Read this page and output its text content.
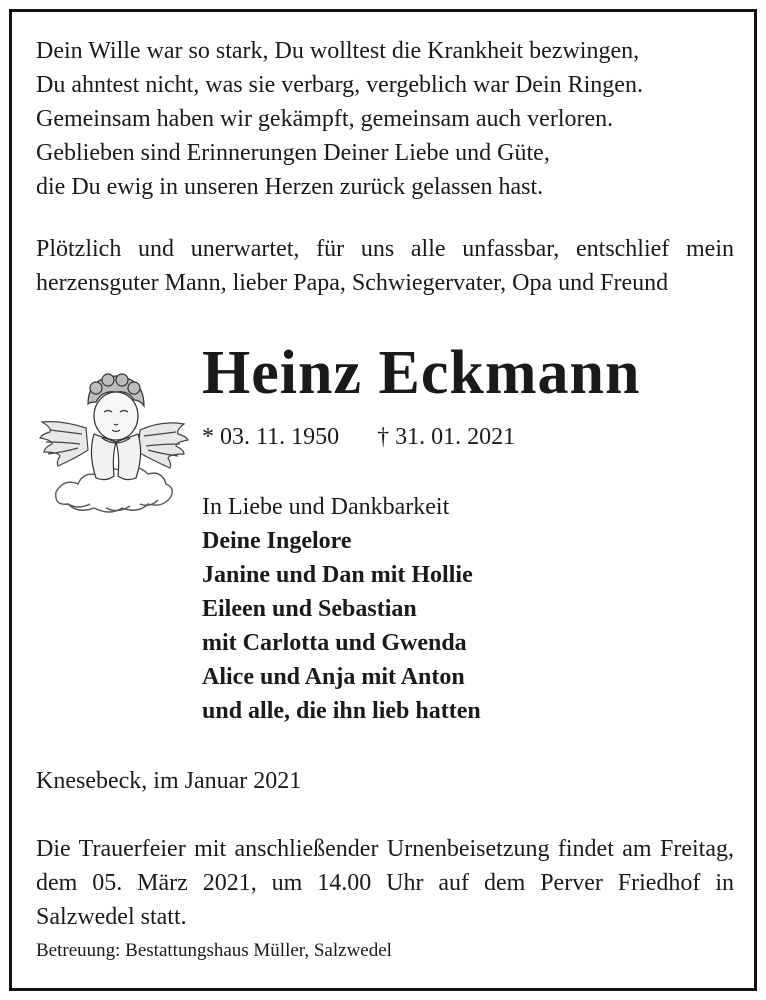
Dein Wille war so stark, Du wolltest die Krankheit bezwingen,
Du ahntest nicht, was sie verbarg, vergeblich war Dein Ringen.
Gemeinsam haben wir gekämpft, gemeinsam auch verloren.
Geblieben sind Erinnerungen Deiner Liebe und Güte,
die Du ewig in unseren Herzen zurück gelassen hast.
Plötzlich und unerwartet, für uns alle unfassbar, entschlief mein herzensguter Mann, lieber Papa, Schwiegervater, Opa und Freund
Heinz Eckmann
* 03. 11. 1950 † 31. 01. 2021
In Liebe und Dankbarkeit
Deine Ingelore
Janine und Dan mit Hollie
Eileen und Sebastian
mit Carlotta und Gwenda
Alice und Anja mit Anton
und alle, die ihn lieb hatten
Knesebeck, im Januar 2021
Die Trauerfeier mit anschließender Urnenbeisetzung findet am Freitag, dem 05. März 2021, um 14.00 Uhr auf dem Perver Friedhof in Salzwedel statt.
Betreuung: Bestattungshaus Müller, Salzwedel
